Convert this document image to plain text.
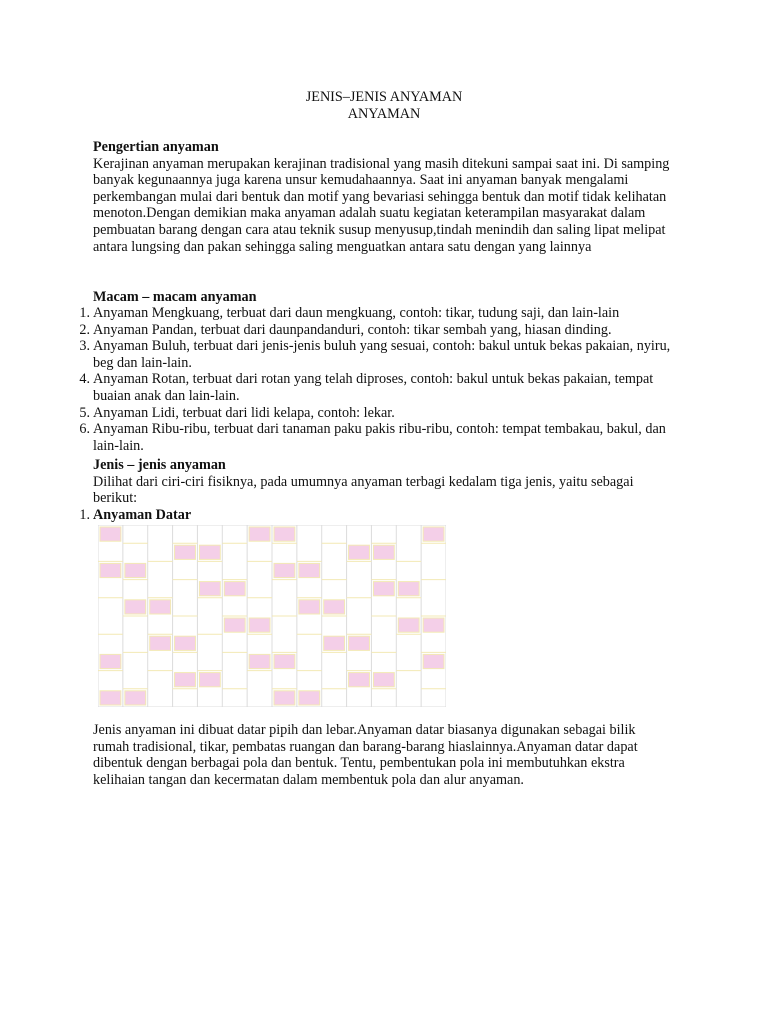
JENIS–JENIS ANYAMAN
ANYAMAN

Pengertian anyaman

Kerajinan anyaman merupakan kerajinan tradisional yang masih ditekuni sampai saat ini. Di samping banyak kegunaannya juga karena unsur kemudahaannya. Saat ini anyaman banyak mengalami perkembangan mulai dari bentuk dan motif yang bevariasi sehingga bentuk dan motif tidak kelihatan menoton.Dengan demikian maka anyaman adalah suatu kegiatan keterampilan masyarakat dalam pembuatan barang dengan cara atau teknik susup menyusup,tindah menindih dan saling lipat melipat antara lungsing dan pakan sehingga saling menguatkan antara satu dengan yang lainnya

Macam – macam anyaman

1. Anyaman Mengkuang, terbuat dari daun mengkuang, contoh: tikar, tudung saji, dan lain-lain
2. Anyaman Pandan, terbuat dari daunpandanduri, contoh: tikar sembah yang, hiasan dinding.
3. Anyaman Buluh, terbuat dari jenis-jenis buluh yang sesuai, contoh: bakul untuk bekas pakaian, nyiru, beg dan lain-lain.
4. Anyaman Rotan, terbuat dari rotan yang telah diproses, contoh: bakul untuk bekas pakaian, tempat buaian anak dan lain-lain.
5. Anyaman Lidi, terbuat dari lidi kelapa, contoh: lekar.
6. Anyaman Ribu-ribu, terbuat dari tanaman paku pakis ribu-ribu, contoh: tempat tembakau, bakul, dan lain-lain.

Jenis – jenis anyaman

Dilihat dari ciri-ciri fisiknya, pada umumnya anyaman terbagi kedalam tiga jenis, yaitu sebagai berikut:

1. Anyaman Datar

Jenis anyaman ini dibuat datar pipih dan lebar.Anyaman datar biasanya digunakan sebagai bilik rumah tradisional, tikar, pembatas ruangan dan barang-barang hiaslainnya.Anyaman datar dapat dibentuk dengan berbagai pola dan bentuk. Tentu, pembentukan pola ini membutuhkan ekstra kelihaian tangan dan kecermatan dalam membentuk pola dan alur anyaman.
